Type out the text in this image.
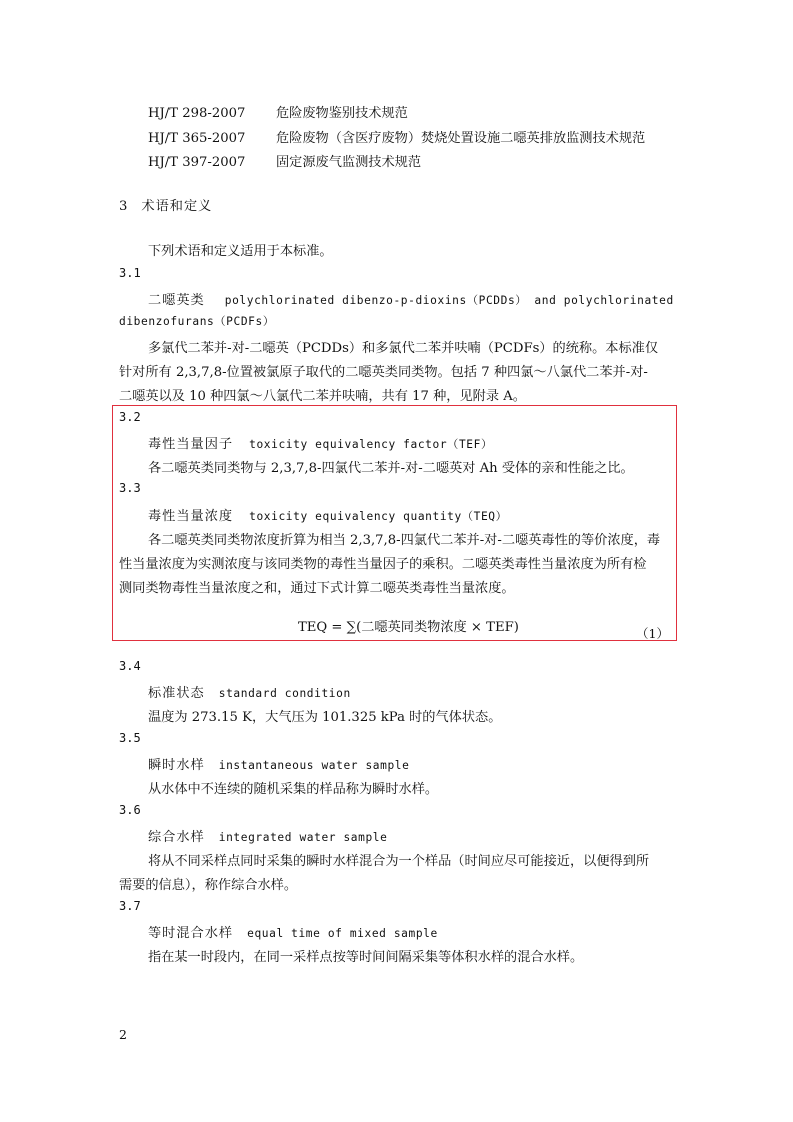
HJ/T 298-2007 危险废物鉴别技术规范
HJ/T 365-2007 危险废物（含医疗废物）焚烧处置设施二噁英排放监测技术规范
HJ/T 397-2007 固定源废气监测技术规范
3 术语和定义
下列术语和定义适用于本标准。
3.1
二噁英类 polychlorinated dibenzo-p-dioxins（PCDDs） and polychlorinated
dibenzofurans（PCDFs）
多氯代二苯并-对-二噁英（PCDDs）和多氯代二苯并呋喃（PCDFs）的统称。本标准仅
针对所有 2,3,7,8-位置被氯原子取代的二噁英类同类物。包括 7 种四氯～八氯代二苯并-对-
二噁英以及 10 种四氯～八氯代二苯并呋喃，共有 17 种，见附录 A。
3.2
毒性当量因子 toxicity equivalency factor（TEF）
各二噁英类同类物与 2,3,7,8-四氯代二苯并-对-二噁英对 Ah 受体的亲和性能之比。
3.3
毒性当量浓度 toxicity equivalency quantity（TEQ）
各二噁英类同类物浓度折算为相当 2,3,7,8-四氯代二苯并-对-二噁英毒性的等价浓度，毒
性当量浓度为实测浓度与该同类物的毒性当量因子的乘积。二噁英类毒性当量浓度为所有检
测同类物毒性当量浓度之和，通过下式计算二噁英类毒性当量浓度。
TEQ = ∑(二噁英同类物浓度 × TEF)	（1）
3.4
标准状态 standard condition
温度为 273.15 K，大气压为 101.325 kPa 时的气体状态。
3.5
瞬时水样 instantaneous water sample
从水体中不连续的随机采集的样品称为瞬时水样。
3.6
综合水样 integrated water sample
将从不同采样点同时采集的瞬时水样混合为一个样品（时间应尽可能接近，以便得到所
需要的信息），称作综合水样。
3.7
等时混合水样 equal time of mixed sample
指在某一时段内，在同一采样点按等时间间隔采集等体积水样的混合水样。
2
